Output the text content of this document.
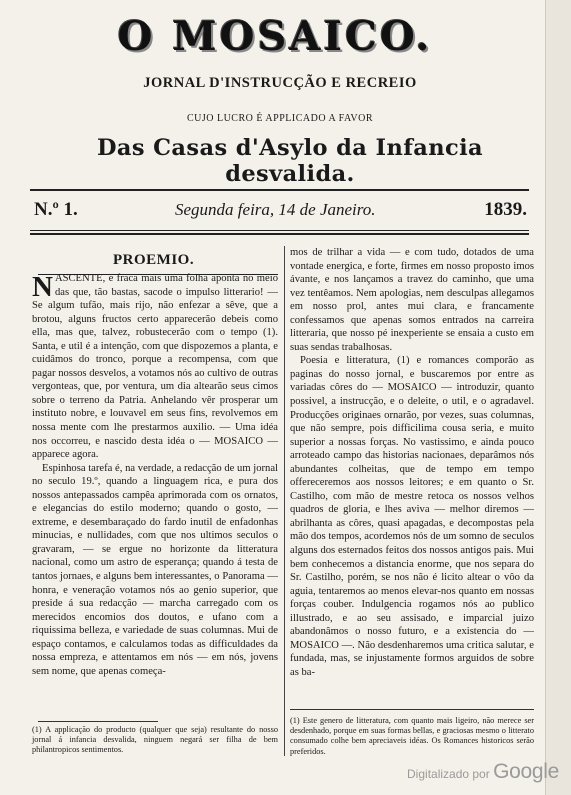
O MOSAICO.
JORNAL D'INSTRUCÇÃO E RECREIO
CUJO LUCRO É APPLICADO A FAVOR
Das Casas d'Asylo da Infancia desvalida.
N.º 1.	Segunda feira, 14 de Janeiro.	1839.
PROEMIO.

NASCENTE, e fraca mais uma folha aponta no meio das que, tão bastas, sacode o impulso litterario! — Se algum tufão, mais rijo, não enfezar a sêve, que a brotou, alguns fructos certo apparecerão debeis como ella, mas que, talvez, robustecerão com o tempo (1). Santa, e util é a intenção, com que dispozemos a planta, e cuidâmos do tronco, porque a recompensa, com que pagar nossos desvelos, a votamos nós ao cultivo de outras vergonteas, que, por ventura, um dia altearão seus cimos sobre o terreno da Patria. Anhelando vêr prosperar um instituto nobre, e louvavel em seus fins, revolvemos em nossa mente com lhe prestarmos auxilio. — Uma idéa nos occorreu, e nascido desta idéa o — MOSAICO — apparece agora.

Espinhosa tarefa é, na verdade, a redacção de um jornal no seculo 19.º, quando a linguagem rica, e pura dos nossos antepassados campêa aprimorada com os ornatos, e elegancias do estilo moderno; quando o gosto, — extreme, e desembaraçado do fardo inutil de enfadonhas minucias, e nullidades, com que nos ultimos seculos o gravaram, — se ergue no horizonte da litteratura nacional, como um astro de esperança; quando á testa de tantos jornaes, e alguns bem interessantes, o Panorama — honra, e veneração votamos nós ao genio superior, que preside á sua redacção — marcha carregado com os merecidos encomios dos doutos, e ufano com a riquissima belleza, e variedade de suas columnas. Mui de espaço contamos, e calculamos todas as difficuldades da nossa empreza, e attentamos em nós — em nós, jovens sem nome, que apenas começa-

mos de trilhar a vida — e com tudo, dotados de uma vontade energica, e forte, firmes em nosso proposto imos ávante, e nos lançamos a travez do caminho, que uma vez tentêamos. Nem apologias, nem desculpas allegamos em nosso prol, antes mui clara, e francamente confessamos que apenas somos entrados na carreira litteraria, que nosso pé inexperiente se ensaia a custo em suas sendas trabalhosas.

Poesia e litteratura, (1) e romances comporão as paginas do nosso jornal, e buscaremos por entre as variadas côres do — MOSAICO — introduzir, quanto possivel, a instrucção, e o deleite, o util, e o agradavel. Producções originaes ornarão, por vezes, suas columnas, que não sempre, pois difficilima cousa seria, e muito superior a nossas forças. No vastissimo, e ainda pouco arroteado campo das historias nacionaes, deparâmos nós abundantes colheitas, que de tempo em tempo offereceremos aos nossos leitores; e em quanto o Sr. Castilho, com mão de mestre retoca os nossos velhos quadros de gloria, e lhes aviva — melhor diremos — abrilhanta as côres, quasi apagadas, e decompostas pela mão dos tempos, acordemos nós de um somno de seculos alguns dos esternados feitos dos nossos antigos pais. Mui bem conhecemos a distancia enorme, que nos separa do Sr. Castilho, porém, se nos não é licito altear o vôo da aguia, tentaremos ao menos elevar-nos quanto em nossas forças couber. Indulgencia rogamos nós ao publico illustrado, e ao seu assisado, e imparcial juizo abandonâmos o nosso futuro, e a existencia do — MOSAICO —. Não desdenharemos uma critica salutar, e fundada, mas, se injustamente formos arguidos de sobre as ba-

(1) A applicação do producto (qualquer que seja) resultante do nosso jornal á infancia desvalida, ninguem negará ser filha de bem philantropicos sentimentos.

(1) Este genero de litteratura, com quanto mais ligeiro, não merece ser desdenhado, porque em suas formas bellas, e graciosas mesmo o litterato consumado colhe bem apreciaveis idéas. Os Romances historicos serão preferidos.

Digitalizado por Google
